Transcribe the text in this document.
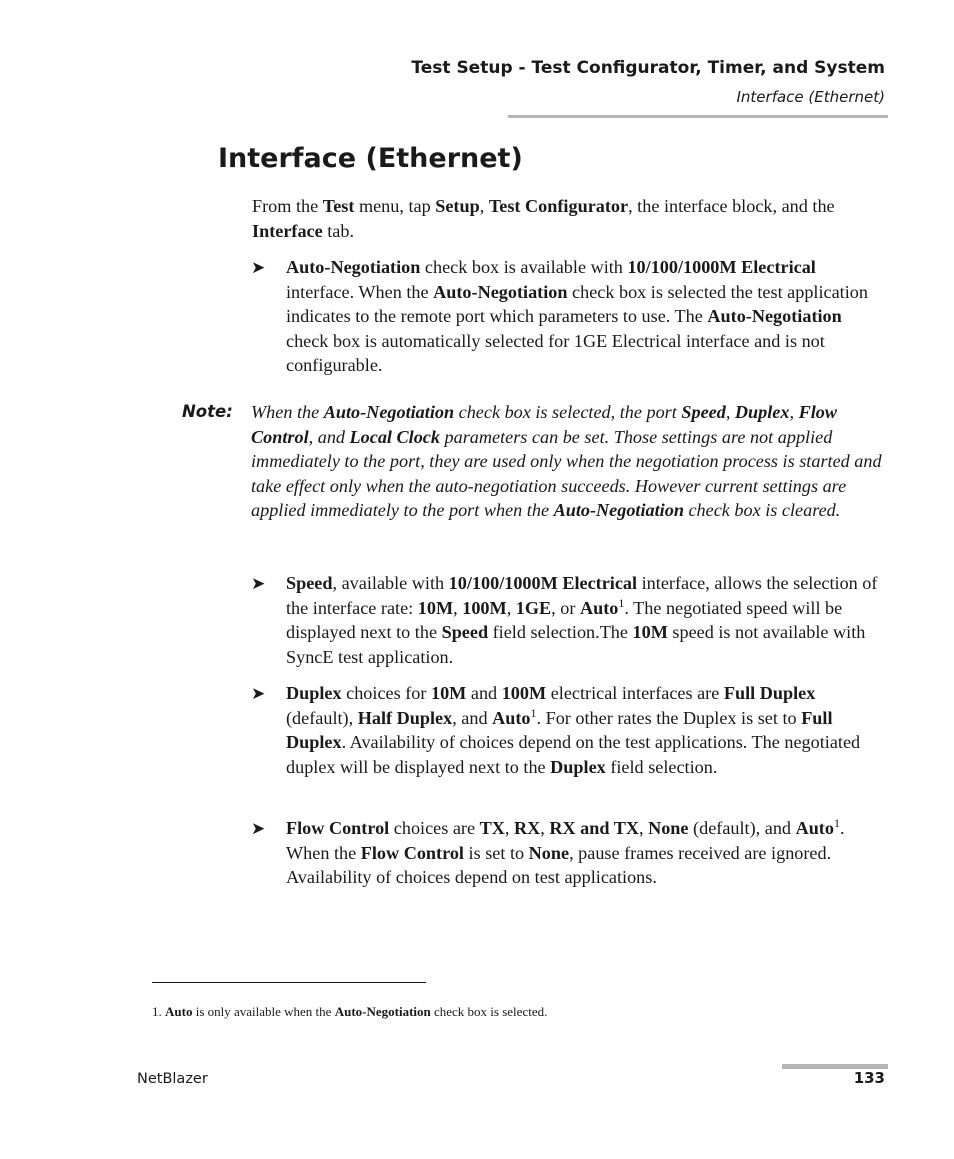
Test Setup - Test Configurator, Timer, and System
Interface (Ethernet)
Interface (Ethernet)
From the Test menu, tap Setup, Test Configurator, the interface block, and the Interface tab.
➤ Auto-Negotiation check box is available with 10/100/1000M Electrical interface. When the Auto-Negotiation check box is selected the test application indicates to the remote port which parameters to use. The Auto-Negotiation check box is automatically selected for 1GE Electrical interface and is not configurable.
Note: When the Auto-Negotiation check box is selected, the port Speed, Duplex, Flow Control, and Local Clock parameters can be set. Those settings are not applied immediately to the port, they are used only when the negotiation process is started and take effect only when the auto-negotiation succeeds. However current settings are applied immediately to the port when the Auto-Negotiation check box is cleared.
➤ Speed, available with 10/100/1000M Electrical interface, allows the selection of the interface rate: 10M, 100M, 1GE, or Auto$^1$. The negotiated speed will be displayed next to the Speed field selection.The 10M speed is not available with SyncE test application.
➤ Duplex choices for 10M and 100M electrical interfaces are Full Duplex (default), Half Duplex, and Auto$^1$. For other rates the Duplex is set to Full Duplex. Availability of choices depend on the test applications. The negotiated duplex will be displayed next to the Duplex field selection.
➤ Flow Control choices are TX, RX, RX and TX, None (default), and Auto$^1$. When the Flow Control is set to None, pause frames received are ignored. Availability of choices depend on test applications.
1. Auto is only available when the Auto-Negotiation check box is selected.
NetBlazer	133
